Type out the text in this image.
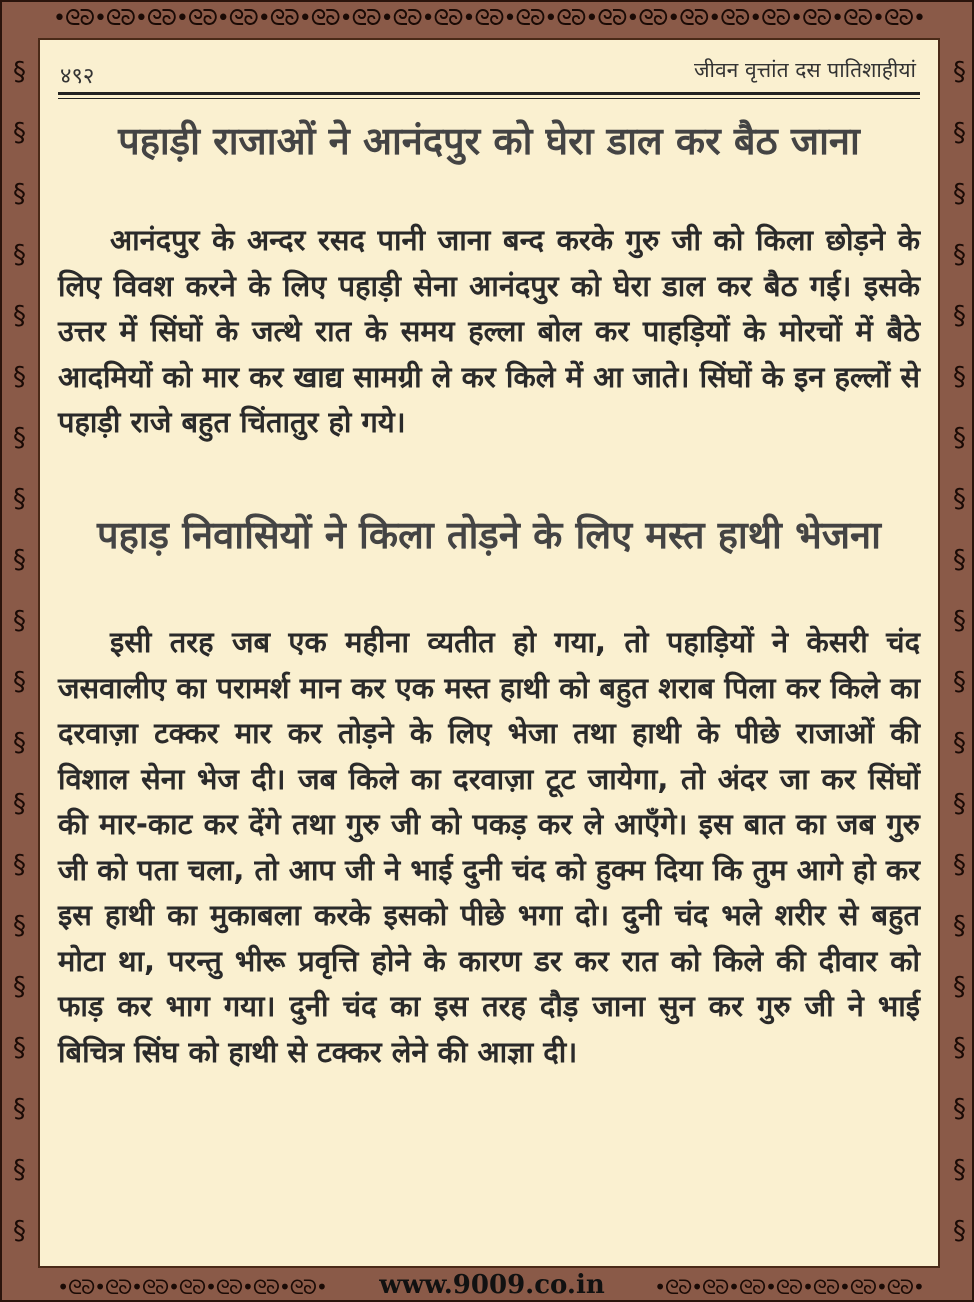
•ᘓᘐ•ᘓᘐ•ᘓᘐ•ᘓᘐ•ᘓᘐ•ᘓᘐ•ᘓᘐ•ᘓᘐ•ᘓᘐ•ᘓᘐ•ᘓᘐ•ᘓᘐ•ᘓᘐ•ᘓᘐ•ᘓᘐ•ᘓᘐ•ᘓᘐ•ᘓᘐ•ᘓᘐ•ᘓᘐ•ᘓᘐ•
§
§
§
§
§
§
§
§
§
§
§
§
§
§
§
§
§
§
§
§
§
§
§
§
§
§
§
§
§
§
§
§
§
§
§
§
§
§
§
§
•ᘓᘐ•ᘓᘐ•ᘓᘐ•ᘓᘐ•ᘓᘐ•ᘓᘐ•ᘓᘐ•	•ᘓᘐ•ᘓᘐ•ᘓᘐ•ᘓᘐ•ᘓᘐ•ᘓᘐ•ᘓᘐ•
४९२	जीवन वृत्तांत दस पातिशाहीयां
पहाड़ी राजाओं ने आनंदपुर को घेरा डाल कर बैठ जाना
आनंदपुर के अन्दर रसद पानी जाना बन्द करके गुरु जी को किला छोड़ने के लिए विवश करने के लिए पहाड़ी सेना आनंदपुर को घेरा डाल कर बैठ गई। इसके उत्तर में सिंघों के जत्थे रात के समय हल्ला बोल कर पाहड़ियों के मोरचों में बैठे आदमियों को मार कर खाद्य सामग्री ले कर किले में आ जाते। सिंघों के इन हल्लों से पहाड़ी राजे बहुत चिंतातुर हो गये।
पहाड़ निवासियों ने किला तोड़ने के लिए मस्त हाथी भेजना
इसी तरह जब एक महीना व्यतीत हो गया, तो पहाड़ियों ने केसरी चंद जसवालीए का परामर्श मान कर एक मस्त हाथी को बहुत शराब पिला कर किले का दरवाज़ा टक्कर मार कर तोड़ने के लिए भेजा तथा हाथी के पीछे राजाओं की विशाल सेना भेज दी। जब किले का दरवाज़ा टूट जायेगा, तो अंदर जा कर सिंघों की मार-काट कर देंगे तथा गुरु जी को पकड़ कर ले आएँगे। इस बात का जब गुरु जी को पता चला, तो आप जी ने भाई दुनी चंद को हुक्म दिया कि तुम आगे हो कर इस हाथी का मुकाबला करके इसको पीछे भगा दो। दुनी चंद भले शरीर से बहुत मोटा था, परन्तु भीरू प्रवृत्ति होने के कारण डर कर रात को किले की दीवार को फाड़ कर भाग गया। दुनी चंद का इस तरह दौड़ जाना सुन कर गुरु जी ने भाई बिचित्र सिंघ को हाथी से टक्कर लेने की आज्ञा दी।
www.9009.co.in
